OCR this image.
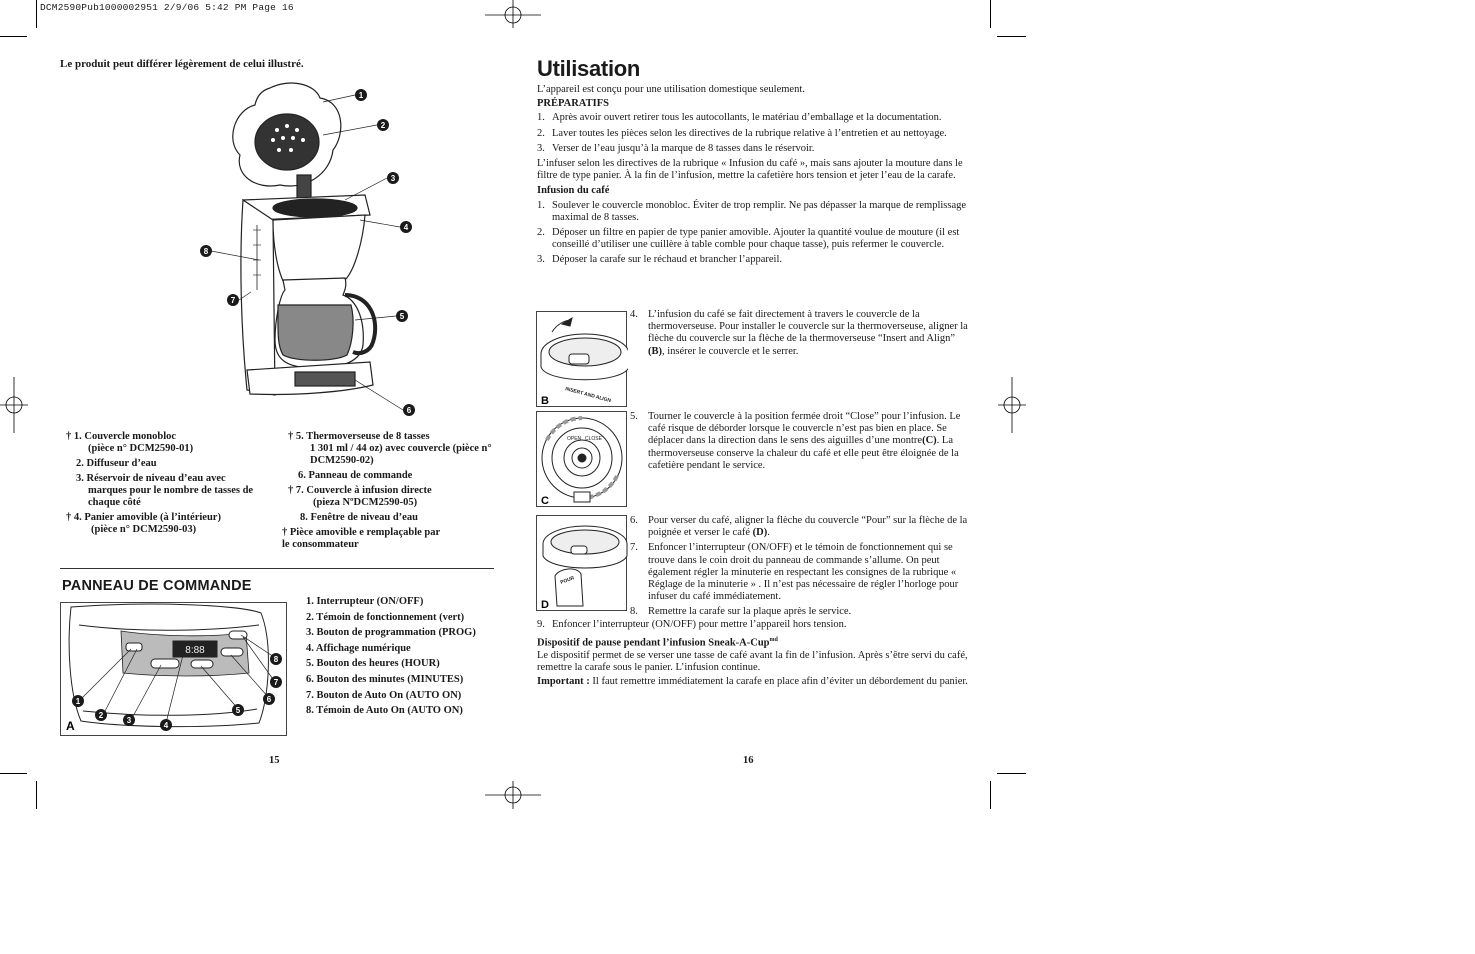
DCM2590Pub1000002951 2/9/06 5:42 PM Page 16
Le produit peut différer légèrement de celui illustré.
1
2
3
4
5
6
7
8
† 1. Couvercle monobloc
(pièce n° DCM2590-01)
2. Diffuseur d’eau
3. Réservoir de niveau d’eau avec
marques pour le nombre de tasses de chaque côté
† 4. Panier amovible (à l’intérieur)
(pièce n° DCM2590-03)
† 5. Thermoverseuse de 8 tasses
1 301 ml / 44 oz) avec couvercle (pièce n° DCM2590-02)
6. Panneau de commande
† 7. Couvercle à infusion directe
(pieza NºDCM2590-05)
8. Fenêtre de niveau d’eau
† Pièce amovible e remplaçable par
le consommateur
PANNEAU DE COMMANDE
8:88
A
1
2
3
4
5
6
7
8
1. Interrupteur (ON/OFF)
2. Témoin de fonctionnement (vert)
3. Bouton de programmation (PROG)
4. Affichage numérique
5. Bouton des heures (HOUR)
6. Bouton des minutes (MINUTES)
7. Bouton de Auto On (AUTO ON)
8. Témoin de Auto On (AUTO ON)
15
Utilisation
L’appareil est conçu pour une utilisation domestique seulement.
PRÉPARATIFS
1. Après avoir ouvert retirer tous les autocollants, le matériau d’emballage et la documentation.
2. Laver toutes les pièces selon les directives de la rubrique relative à l’entretien et au nettoyage.
3. Verser de l’eau jusqu’à la marque de 8 tasses dans le réservoir.
L’infuser selon les directives de la rubrique « Infusion du café », mais sans ajouter la mouture dans le filtre de type panier. À la fin de l’infusion, mettre la cafetière hors tension et jeter l’eau de la carafe.
Infusion du café
1. Soulever le couvercle monobloc. Éviter de trop remplir. Ne pas dépasser la marque de remplissage maximal de 8 tasses.
2. Déposer un filtre en papier de type panier amovible. Ajouter la quantité voulue de mouture (il est conseillé d’utiliser une cuillère à table comble pour chaque tasse), puis refermer le couvercle.
3. Déposer la carafe sur le réchaud et brancher l’appareil.
INSERT AND ALIGN
B
4. L’infusion du café se fait directement à travers le couvercle de la thermoverseuse. Pour installer le couvercle sur la thermoverseuse, aligner la flèche du couvercle sur la flèche de la thermoverseuse “Insert and Align” (B), insérer le couvercle et le serrer.
OPEN CLOSE
C
5. Tourner le couvercle à la position fermée droit “Close” pour l’infusion. Le café risque de déborder lorsque le couvercle n’est pas bien en place. Se déplacer dans la direction dans le sens des aiguilles d’une montre(C). La thermoverseuse conserve la chaleur du café et elle peut être éloignée de la cafetière pendant le service.
POUR
D
6. Pour verser du café, aligner la flèche du couvercle “Pour” sur la flèche de la poignée et verser le café (D).
7. Enfoncer l’interrupteur (ON/OFF) et le témoin de fonctionnement qui se trouve dans le coin droit du panneau de commande s’allume. On peut également régler la minuterie en respectant les consignes de la rubrique « Réglage de la minuterie » . Il n’est pas nécessaire de régler l’horloge pour infuser du café immédiatement.
8. Remettre la carafe sur la plaque après le service.
9. Enfoncer l’interrupteur (ON/OFF) pour mettre l’appareil hors tension.
Dispositif de pause pendant l’infusion Sneak-A-Cup$^{md}$
Le dispositif permet de se verser une tasse de café avant la fin de l’infusion. Après s’être servi du café, remettre la carafe sous le panier. L’infusion continue.
Important : Il faut remettre immédiatement la carafe en place afin d’éviter un débordement du panier.
16
